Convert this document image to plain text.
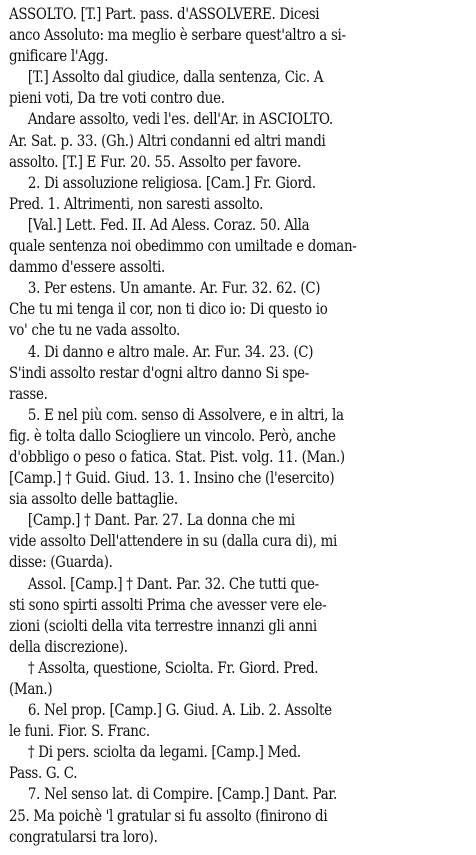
ASSOLTO. [T.] Part. pass. d'ASSOLVERE. Dicesi
anco Assoluto: ma meglio è serbare quest'altro a si-
gnificare l'Agg.
[T.] Assolto dal giudice, dalla sentenza, Cic. A
pieni voti, Da tre voti contro due.
Andare assolto, vedi l'es. dell'Ar. in ASCIOLTO.
Ar. Sat. p. 33. (Gh.) Altri condanni ed altri mandi
assolto. [T.] E Fur. 20. 55. Assolto per favore.
2. Di assoluzione religiosa. [Cam.] Fr. Giord.
Pred. 1. Altrimenti, non saresti assolto.
[Val.] Lett. Fed. II. Ad Aless. Coraz. 50. Alla
quale sentenza noi obedimmo con umiltade e doman-
dammo d'essere assolti.
3. Per estens. Un amante. Ar. Fur. 32. 62. (C)
Che tu mi tenga il cor, non ti dico io: Di questo io
vo' che tu ne vada assolto.
4. Di danno e altro male. Ar. Fur. 34. 23. (C)
S'indi assolto restar d'ogni altro danno Si spe-
rasse.
5. E nel più com. senso di Assolvere, e in altri, la
fig. è tolta dallo Sciogliere un vincolo. Però, anche
d'obbligo o peso o fatica. Stat. Pist. volg. 11. (Man.)
[Camp.] † Guid. Giud. 13. 1. Insino che (l'esercito)
sia assolto delle battaglie.
[Camp.] † Dant. Par. 27. La donna che mi
vide assolto Dell'attendere in su (dalla cura di), mi
disse: (Guarda).
Assol. [Camp.] † Dant. Par. 32. Che tutti que-
sti sono spirti assolti Prima che avesser vere ele-
zioni (sciolti della vita terrestre innanzi gli anni
della discrezione).
† Assolta, questione, Sciolta. Fr. Giord. Pred.
(Man.)
6. Nel prop. [Camp.] G. Giud. A. Lib. 2. Assolte
le funi. Fior. S. Franc.
† Di pers. sciolta da legami. [Camp.] Med.
Pass. G. C.
7. Nel senso lat. di Compire. [Camp.] Dant. Par.
25. Ma poichè 'l gratular si fu assolto (finirono di
congratularsi tra loro).
